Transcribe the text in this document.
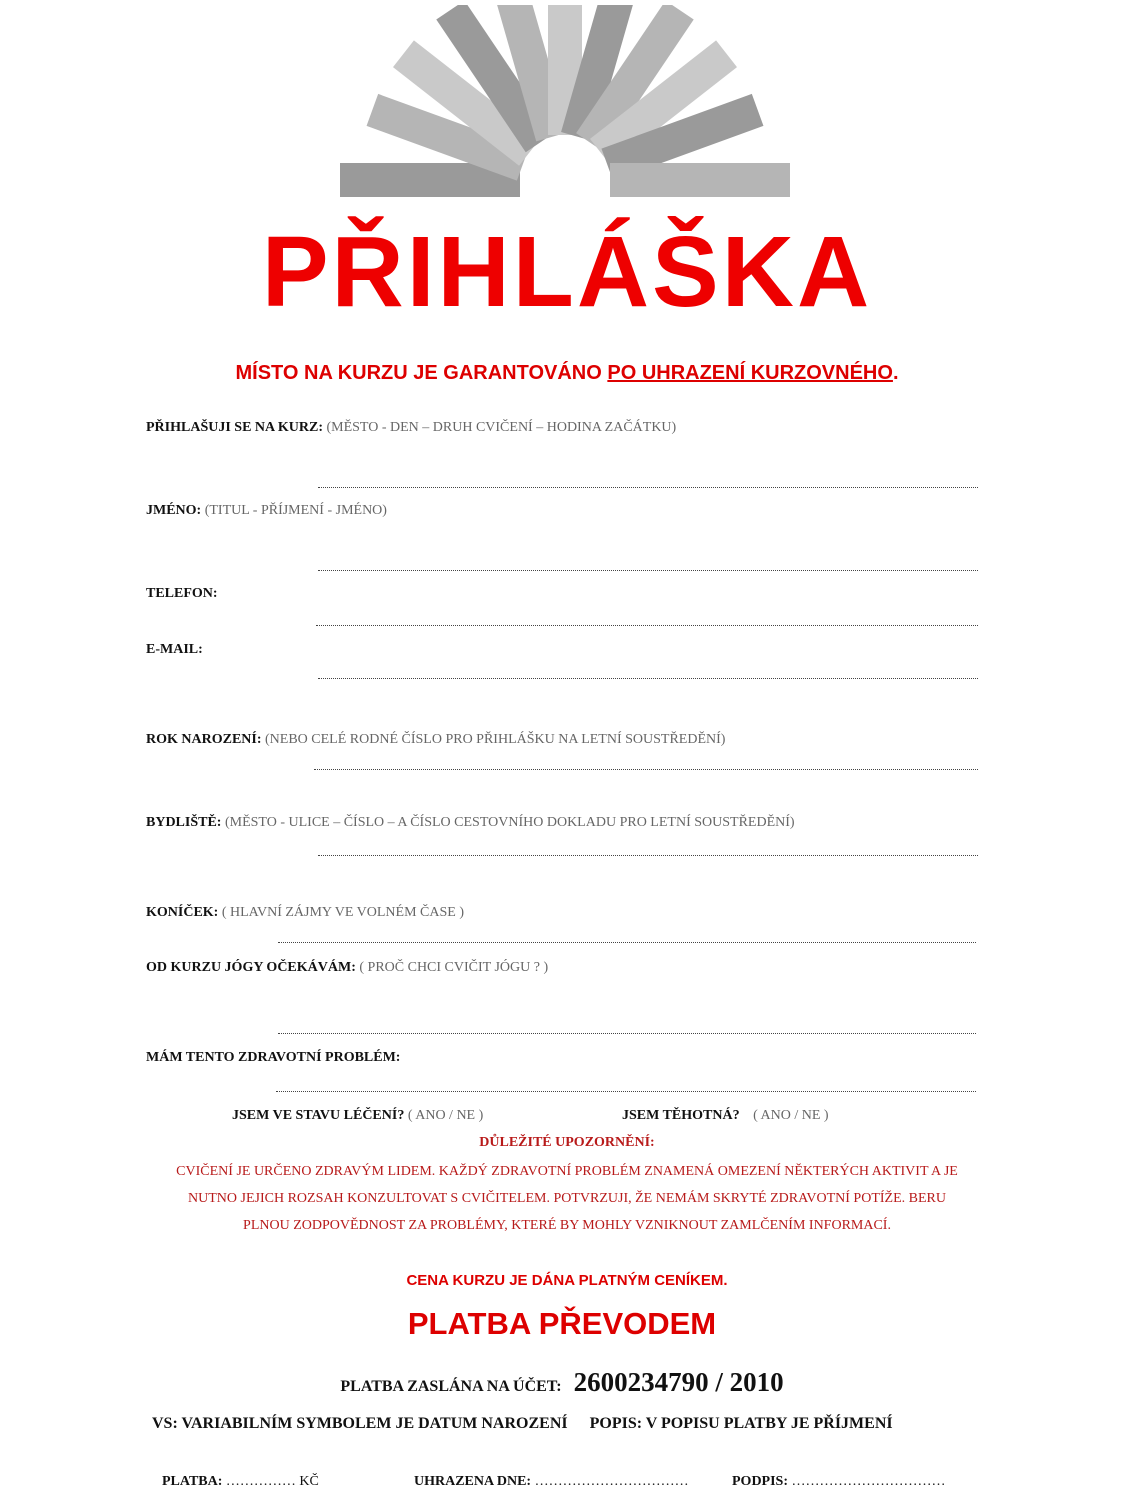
PŘIHLÁŠKA
MÍSTO NA KURZU JE GARANTOVÁNO PO UHRAZENÍ KURZOVNÉHO.
PŘIHLAŠUJI SE NA KURZ: (MĚSTO - DEN – DRUH CVIČENÍ – HODINA ZAČÁTKU)
JMÉNO: (TITUL - PŘÍJMENÍ - JMÉNO)
TELEFON:
E-MAIL:
ROK NAROZENÍ: (NEBO CELÉ RODNÉ ČÍSLO PRO PŘIHLÁŠKU NA LETNÍ SOUSTŘEDĚNÍ)
BYDLIŠTĚ: (MĚSTO - ULICE – ČÍSLO – A ČÍSLO CESTOVNÍHO DOKLADU PRO LETNÍ SOUSTŘEDĚNÍ)
KONÍČEK: ( HLAVNÍ ZÁJMY VE VOLNÉM ČASE )
OD KURZU JÓGY OČEKÁVÁM: ( PROČ CHCI CVIČIT JÓGU ? )
MÁM TENTO ZDRAVOTNÍ PROBLÉM:
JSEM VE STAVU LÉČENÍ? ( ANO / NE )	JSEM TĚHOTNÁ? ( ANO / NE )
DŮLEŽITÉ UPOZORNĚNÍ:
CVIČENÍ JE URČENO ZDRAVÝM LIDEM. KAŽDÝ ZDRAVOTNÍ PROBLÉM ZNAMENÁ OMEZENÍ NĚKTERÝCH AKTIVIT A JE NUTNO JEJICH ROZSAH KONZULTOVAT S CVIČITELEM. POTVRZUJI, ŽE NEMÁM SKRYTÉ ZDRAVOTNÍ POTÍŽE. BERU PLNOU ZODPOVĚDNOST ZA PROBLÉMY, KTERÉ BY MOHLY VZNIKNOUT ZAMLČENÍM INFORMACÍ.
CENA KURZU JE DÁNA PLATNÝM CENÍKEM.
PLATBA PŘEVODEM
PLATBA ZASLÁNA NA ÚČET: 2600234790 / 2010
VS: VARIABILNÍM SYMBOLEM JE DATUM NAROZENÍ POPIS: V POPISU PLATBY JE PŘÍJMENÍ
PLATBA: …………… KČ	UHRAZENA DNE: ……………………………	PODPIS: ……………………………
